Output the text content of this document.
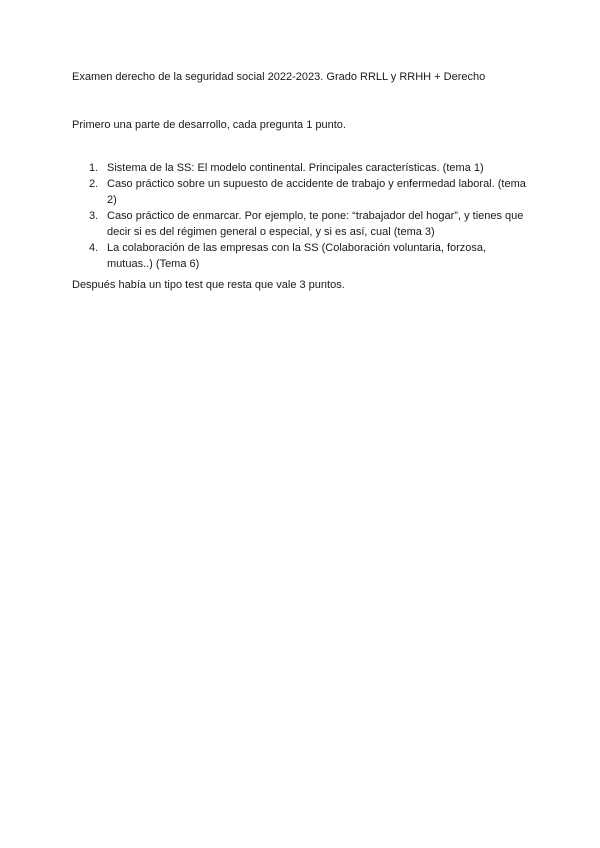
Examen derecho de la seguridad social 2022-2023. Grado RRLL y RRHH + Derecho
Primero una parte de desarrollo, cada pregunta 1 punto.
1. Sistema de la SS: El modelo continental. Principales características. (tema 1)
2. Caso práctico sobre un supuesto de accidente de trabajo y enfermedad laboral. (tema 2)
3. Caso práctico de enmarcar. Por ejemplo, te pone: “trabajador del hogar”, y tienes que decir si es del régimen general o especial, y si es así, cual (tema 3)
4. La colaboración de las empresas con la SS (Colaboración voluntaria, forzosa, mutuas..) (Tema 6)
Después había un tipo test que resta que vale 3 puntos.
